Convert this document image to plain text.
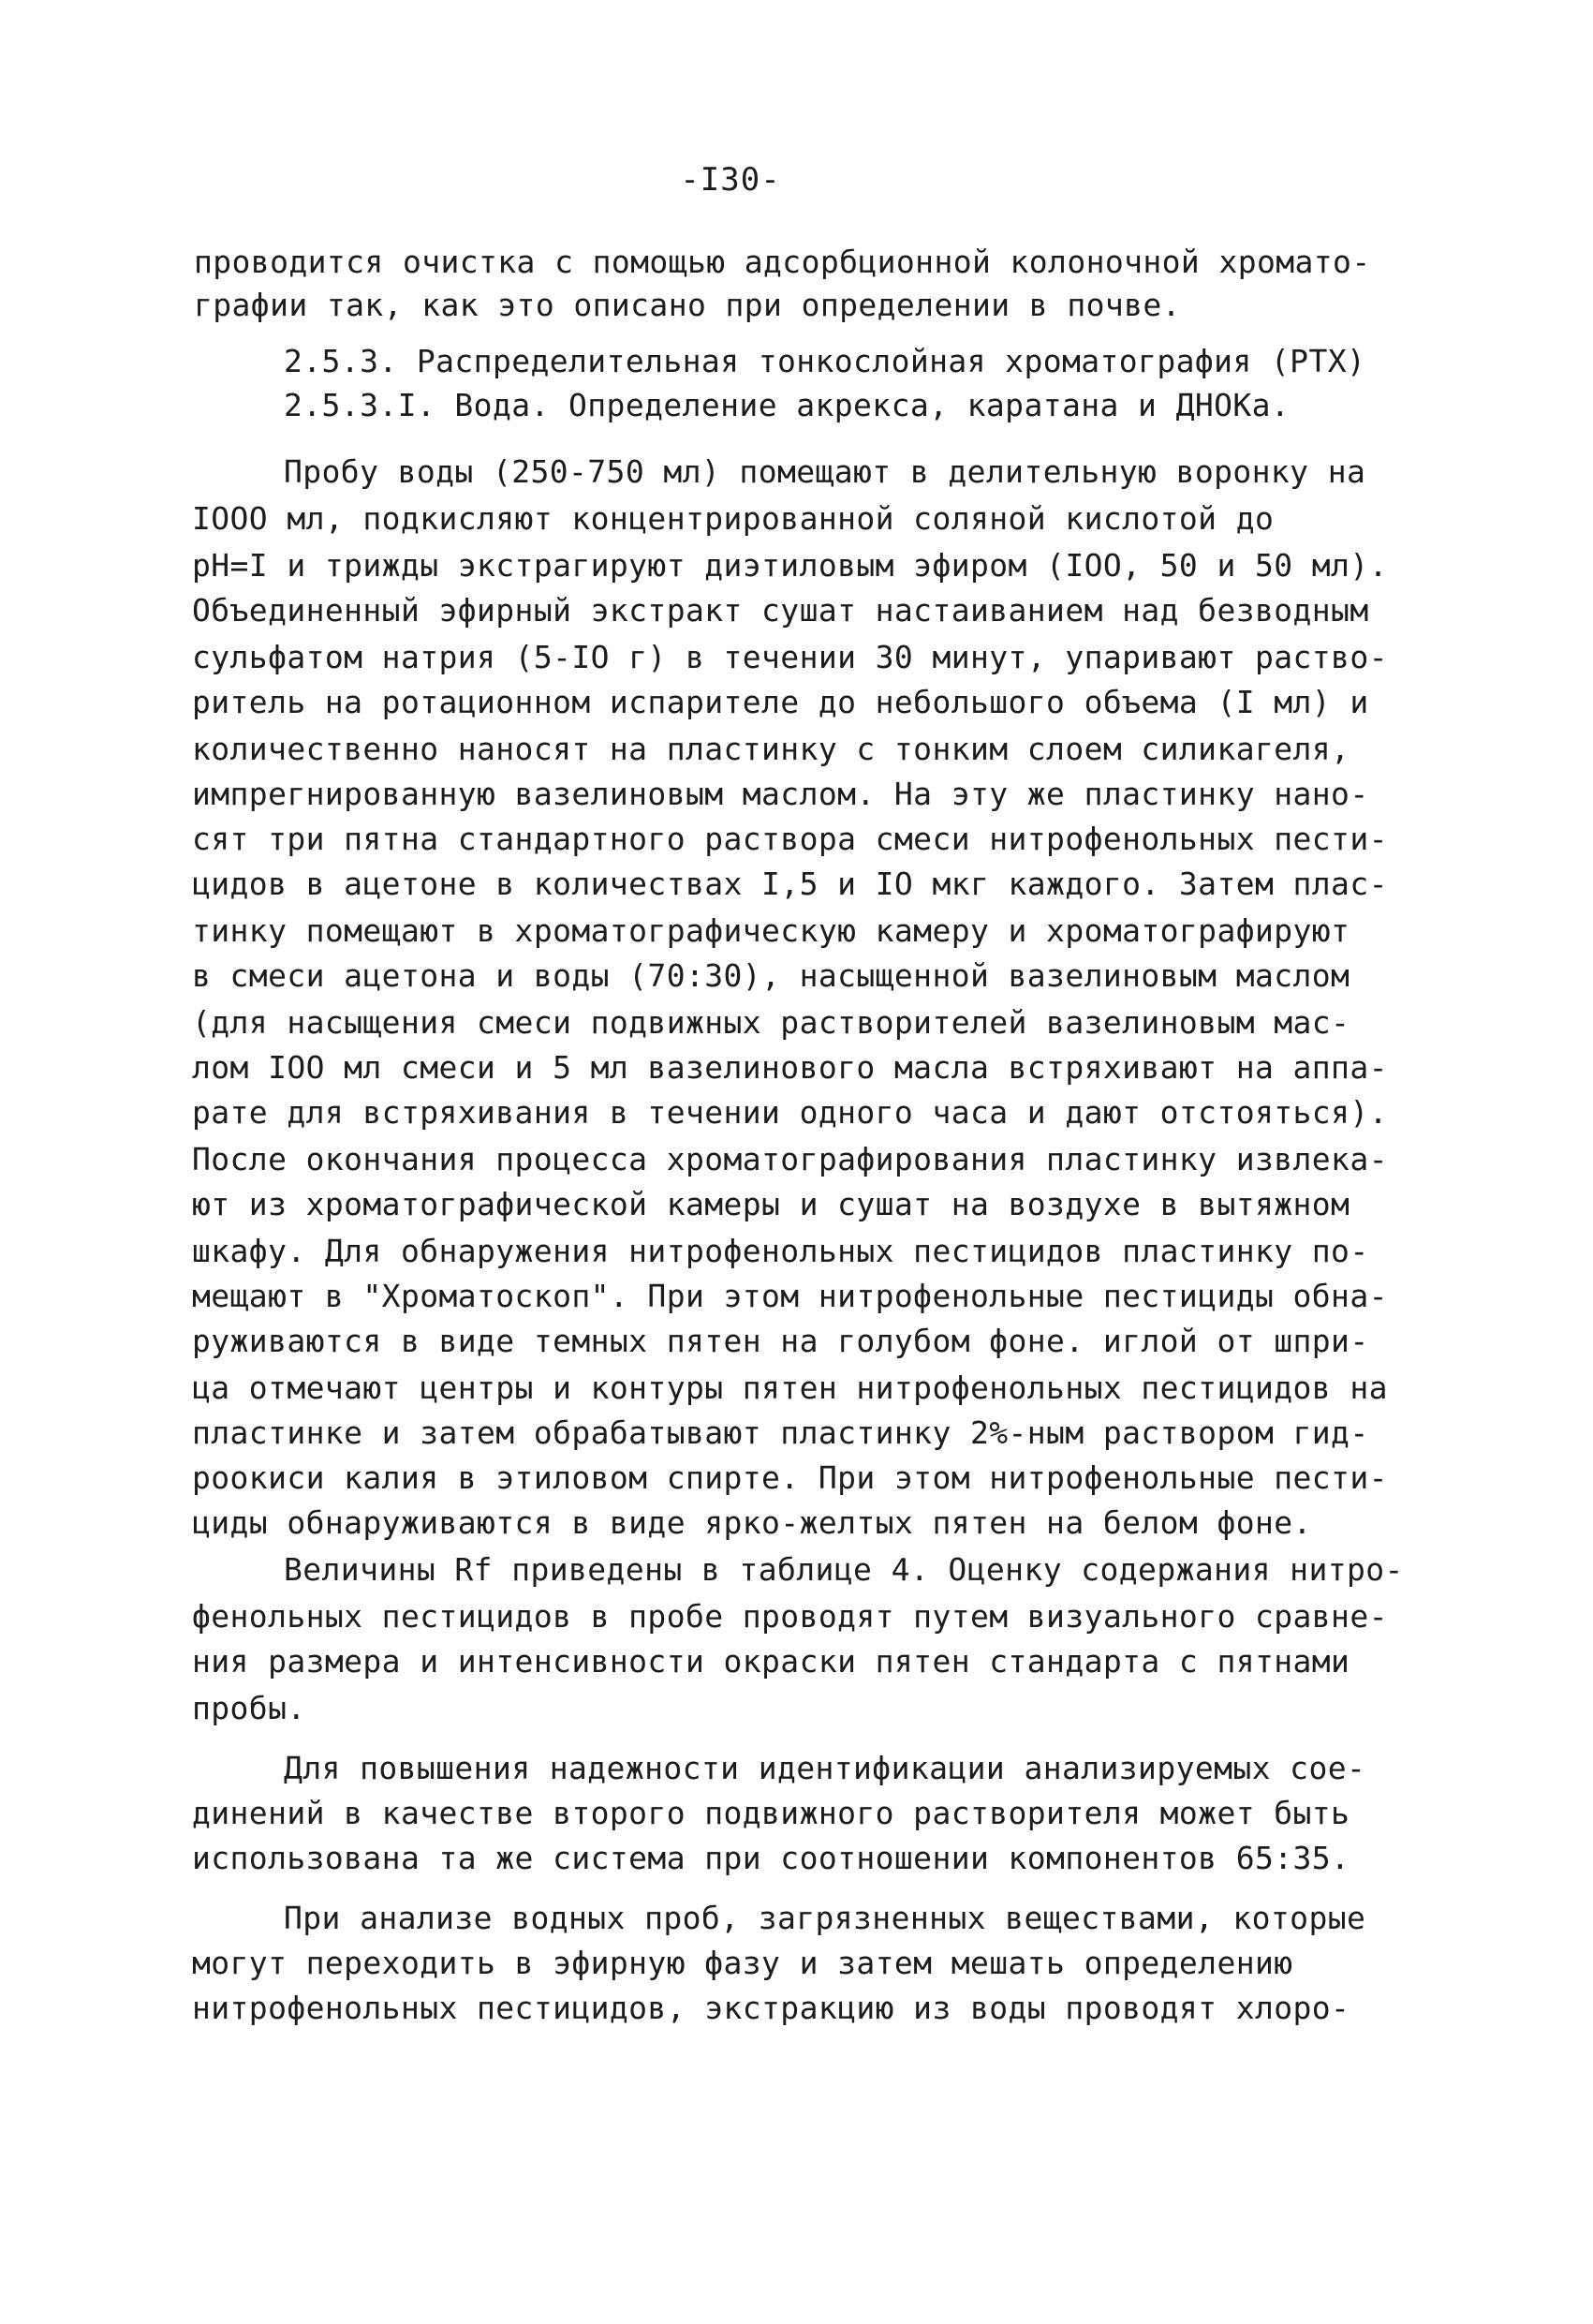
-I30-
проводится очистка с помощью адсорбционной колоночной хромато-
графии так, как это описано при определении в почве.
2.5.3. Распределительная тонкослойная хроматография (РТХ)
2.5.3.I. Вода. Определение акрекса, каратана и ДНОКа.
Пробу воды (250-750 мл) помещают в делительную воронку на
IOOO мл, подкисляют концентрированной соляной кислотой до
рН=I и трижды экстрагируют диэтиловым эфиром (IOO, 50 и 50 мл).
Объединенный эфирный экстракт сушат настаиванием над безводным
сульфатом натрия (5-IO г) в течении 30 минут, упаривают раство-
ритель на ротационном испарителе до небольшого объема (I мл) и
количественно наносят на пластинку с тонким слоем силикагеля,
импрегнированную вазелиновым маслом. На эту же пластинку нано-
сят три пятна стандартного раствора смеси нитрофенольных пести-
цидов в ацетоне в количествах I,5 и IO мкг каждого. Затем плас-
тинку помещают в хроматографическую камеру и хроматографируют
в смеси ацетона и воды (70:30), насыщенной вазелиновым маслом
(для насыщения смеси подвижных растворителей вазелиновым мас-
лом IOO мл смеси и 5 мл вазелинового масла встряхивают на аппа-
рате для встряхивания в течении одного часа и дают отстояться).
После окончания процесса хроматографирования пластинку извлека-
ют из хроматографической камеры и сушат на воздухе в вытяжном
шкафу. Для обнаружения нитрофенольных пестицидов пластинку по-
мещают в "Хроматоскоп". При этом нитрофенольные пестициды обна-
руживаются в виде темных пятен на голубом фоне. иглой от шпри-
ца отмечают центры и контуры пятен нитрофенольных пестицидов на
пластинке и затем обрабатывают пластинку 2%-ным раствором гид-
роокиси калия в этиловом спирте. При этом нитрофенольные пести-
циды обнаруживаются в виде ярко-желтых пятен на белом фоне.
Величины Rf приведены в таблице 4. Оценку содержания нитро-
фенольных пестицидов в пробе проводят путем визуального сравне-
ния размера и интенсивности окраски пятен стандарта с пятнами
пробы.
Для повышения надежности идентификации анализируемых сое-
динений в качестве второго подвижного растворителя может быть
использована та же система при соотношении компонентов 65:35.
При анализе водных проб, загрязненных веществами, которые
могут переходить в эфирную фазу и затем мешать определению
нитрофенольных пестицидов, экстракцию из воды проводят хлоро-
